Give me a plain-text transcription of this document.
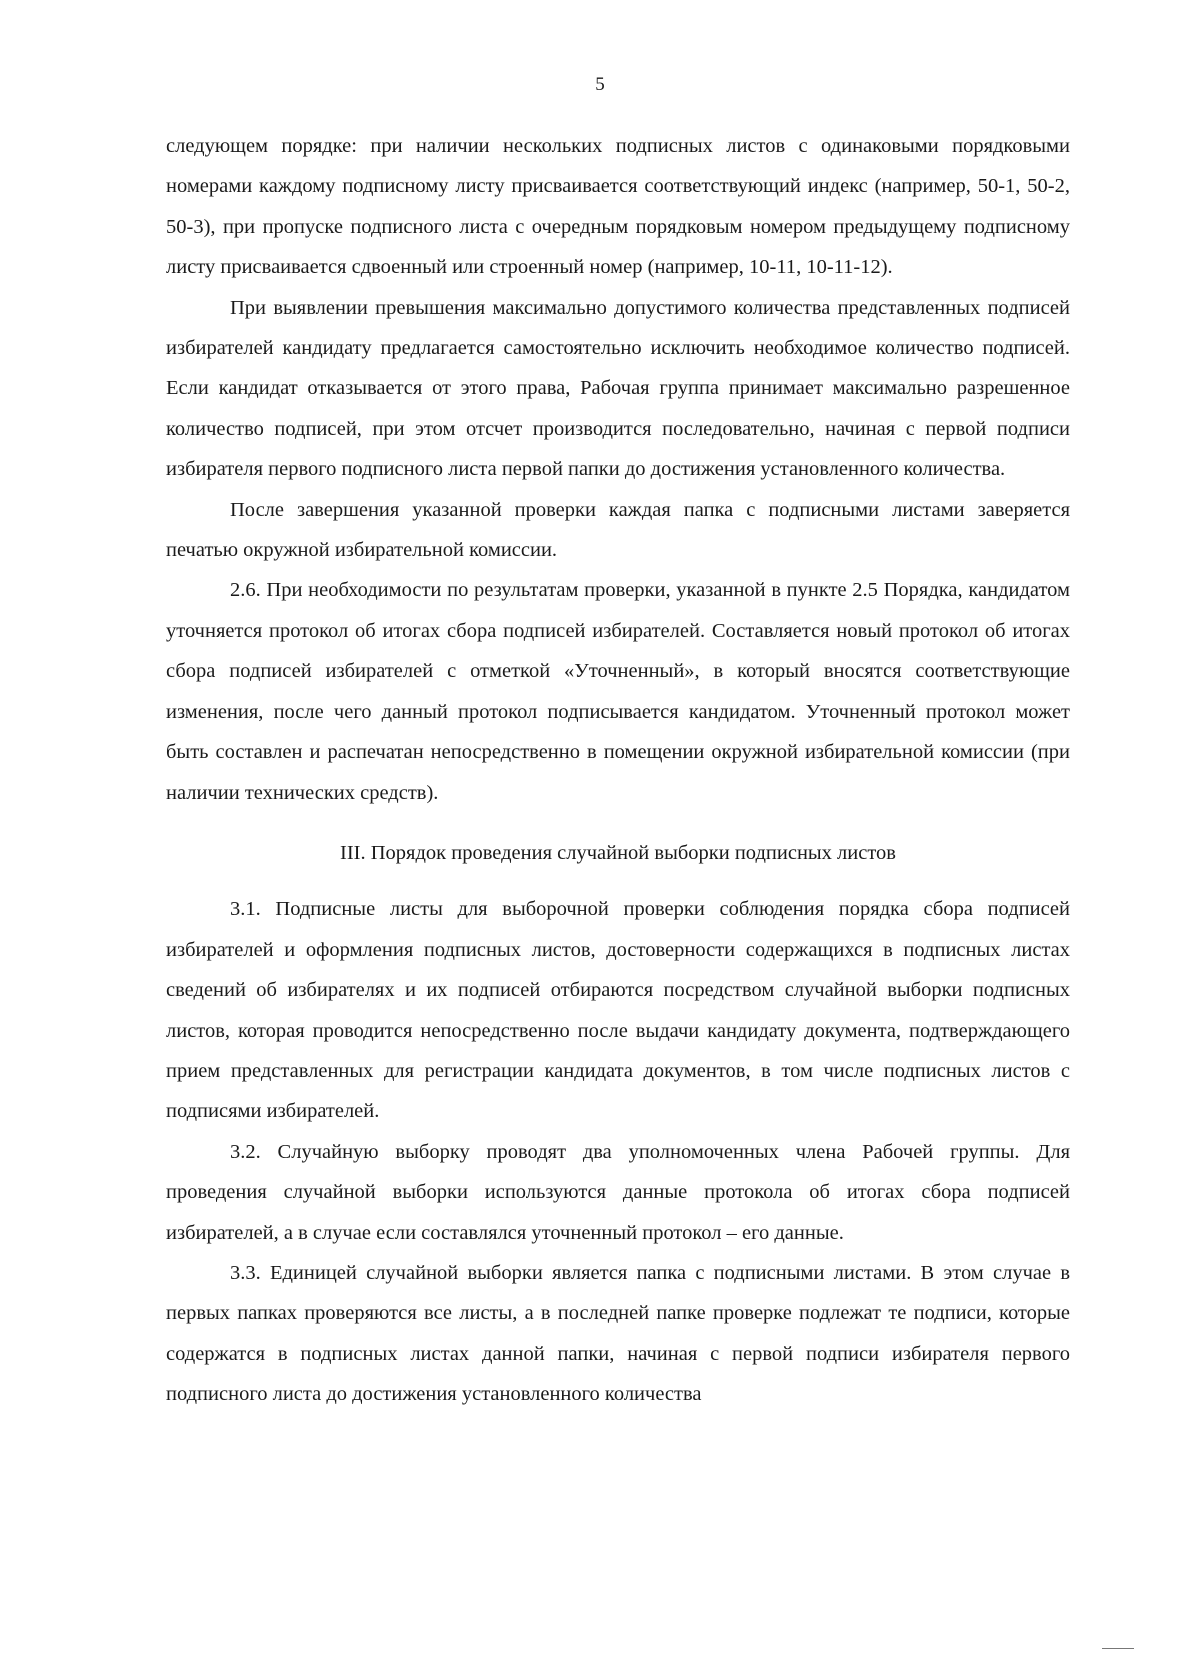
5

следующем порядке: при наличии нескольких подписных листов с одинаковыми порядковыми номерами каждому подписному листу присваивается соответствующий индекс (например, 50-1, 50-2, 50-3), при пропуске подписного листа с очередным порядковым номером предыдущему подписному листу присваивается сдвоенный или строенный номер (например, 10-11, 10-11-12).

При выявлении превышения максимально допустимого количества представленных подписей избирателей кандидату предлагается самостоятельно исключить необходимое количество подписей. Если кандидат отказывается от этого права, Рабочая группа принимает максимально разрешенное количество подписей, при этом отсчет производится последовательно, начиная с первой подписи избирателя первого подписного листа первой папки до достижения установленного количества.

После завершения указанной проверки каждая папка с подписными листами заверяется печатью окружной избирательной комиссии.

2.6. При необходимости по результатам проверки, указанной в пункте 2.5 Порядка, кандидатом уточняется протокол об итогах сбора подписей избирателей. Составляется новый протокол об итогах сбора подписей избирателей с отметкой «Уточненный», в который вносятся соответствующие изменения, после чего данный протокол подписывается кандидатом. Уточненный протокол может быть составлен и распечатан непосредственно в помещении окружной избирательной комиссии (при наличии технических средств).

III. Порядок проведения случайной выборки подписных листов

3.1. Подписные листы для выборочной проверки соблюдения порядка сбора подписей избирателей и оформления подписных листов, достоверности содержащихся в подписных листах сведений об избирателях и их подписей отбираются посредством случайной выборки подписных листов, которая проводится непосредственно после выдачи кандидату документа, подтверждающего прием представленных для регистрации кандидата документов, в том числе подписных листов с подписями избирателей.

3.2. Случайную выборку проводят два уполномоченных члена Рабочей группы. Для проведения случайной выборки используются данные протокола об итогах сбора подписей избирателей, а в случае если составлялся уточненный протокол – его данные.

3.3. Единицей случайной выборки является папка с подписными листами. В этом случае в первых папках проверяются все листы, а в последней папке проверке подлежат те подписи, которые содержатся в подписных листах данной папки, начиная с первой подписи избирателя первого подписного листа до достижения установленного количества
